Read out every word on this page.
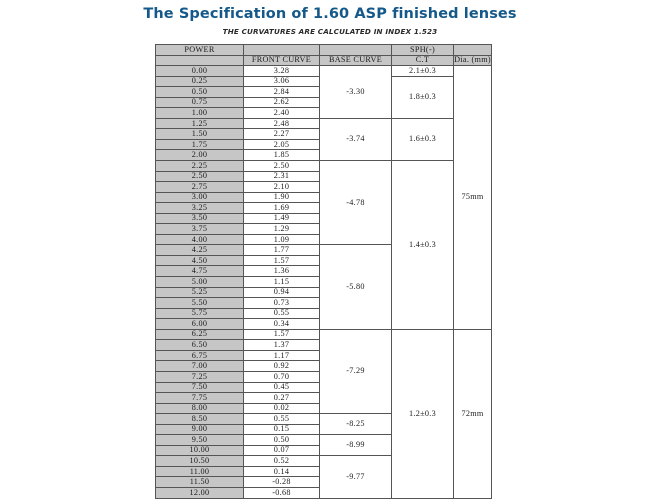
The Specification of 1.60 ASP finished lenses
THE CURVATURES ARE CALCULATED IN INDEX 1.523
POWER			SPH(-)	
	FRONT CURVE	BASE CURVE	C.T	Dia. (mm)
0.00	3.28	-3.30	2.1±0.3	75mm
0.25	3.06		1.8±0.3	
0.50	2.84			
0.75	2.62			
1.00	2.40			
1.25	2.48	-3.74	1.6±0.3	
1.50	2.27			
1.75	2.05			
2.00	1.85			
2.25	2.50	-4.78	1.4±0.3	
2.50	2.31			
2.75	2.10			
3.00	1.90			
3.25	1.69			
3.50	1.49			
3.75	1.29			
4.00	1.09			
4.25	1.77	-5.80		
4.50	1.57			
4.75	1.36			
5.00	1.15			
5.25	0.94			
5.50	0.73			
5.75	0.55			
6.00	0.34			
6.25	1.57	-7.29	1.2±0.3	72mm
6.50	1.37			
6.75	1.17			
7.00	0.92			
7.25	0.70			
7.50	0.45			
7.75	0.27			
8.00	0.02			
8.50	0.55	-8.25		
9.00	0.15			
9.50	0.50	-8.99		
10.00	0.07			
10.50	0.52	-9.77		
11.00	0.14			
11.50	-0.28			
12.00	-0.68			
